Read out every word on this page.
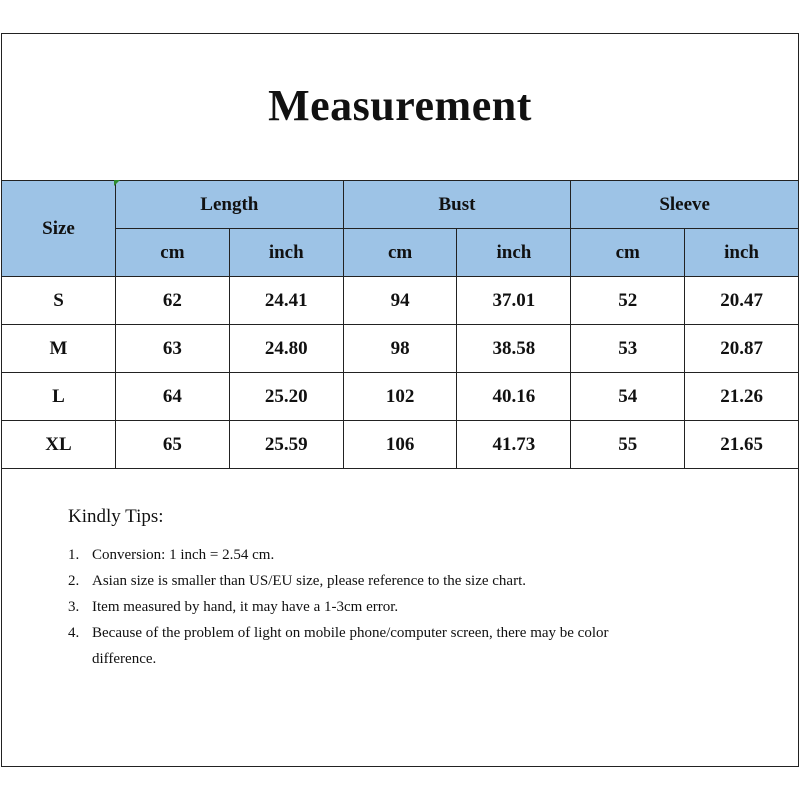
Measurement
Size	Length		Bust		Sleeve	
	cm	inch	cm	inch	cm	inch
S	62	24.41	94	37.01	52	20.47
M	63	24.80	98	38.58	53	20.87
L	64	25.20	102	40.16	54	21.26
XL	65	25.59	106	41.73	55	21.65
Kindly Tips:
1. Conversion: 1 inch = 2.54 cm.
2. Asian size is smaller than US/EU size, please reference to the size chart.
3. Item measured by hand, it may have a 1-3cm error.
4. Because of the problem of light on mobile phone/computer screen, there may be color difference.
